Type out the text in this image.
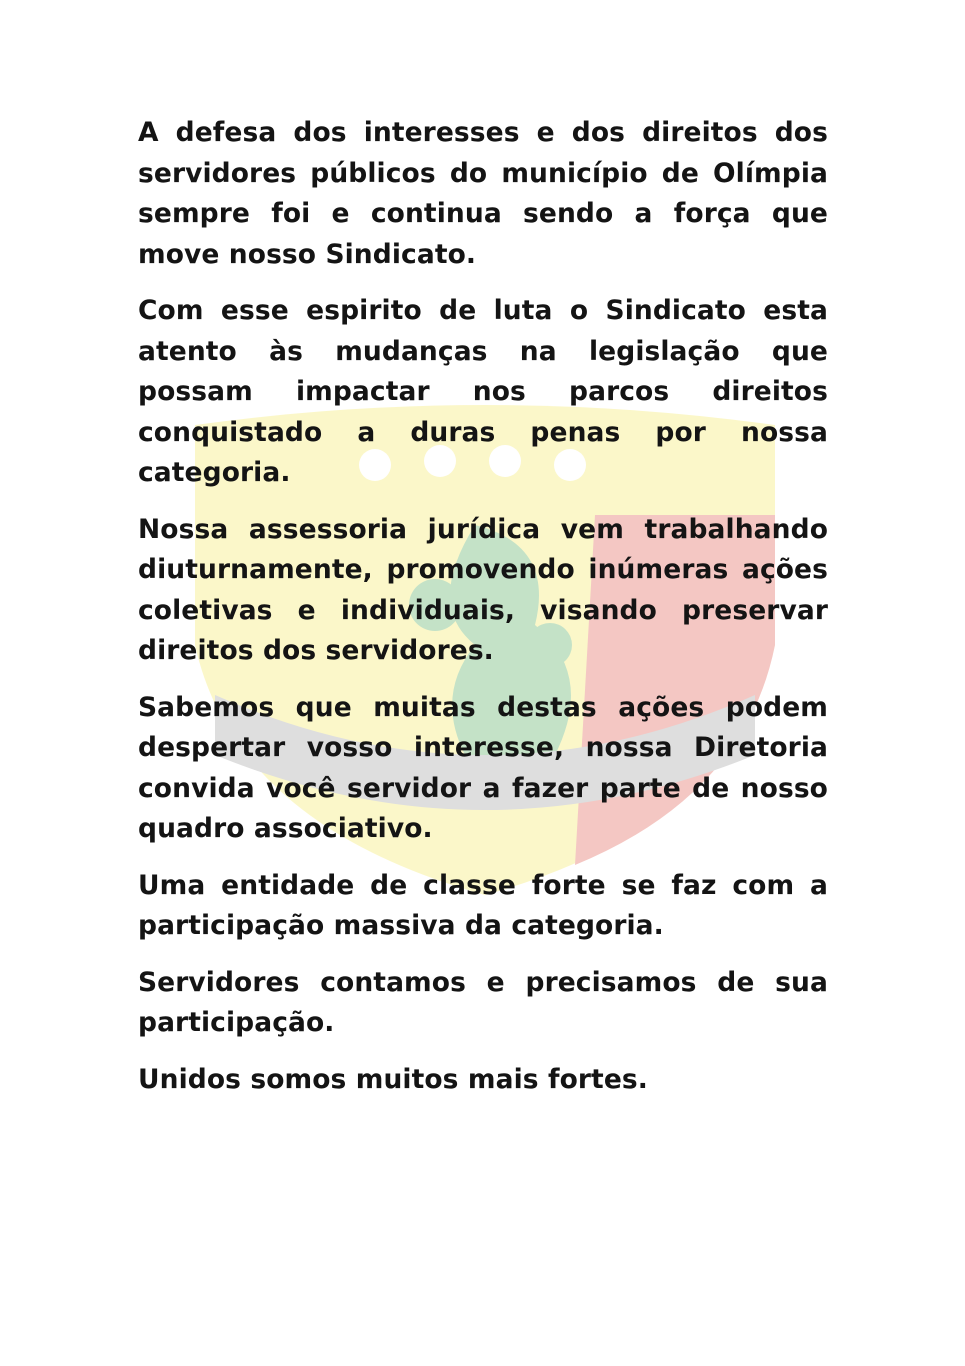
A defesa dos interesses e dos direitos dos servidores públicos do município de Olímpia sempre foi e continua sendo a força que move nosso Sindicato.

Com esse espirito de luta o Sindicato esta atento às mudanças na legislação que possam impactar nos parcos direitos conquistado a duras penas por nossa categoria.

Nossa assessoria jurídica vem trabalhando diuturnamente, promovendo inúmeras ações coletivas e individuais, visando preservar direitos dos servidores.

Sabemos que muitas destas ações podem despertar vosso interesse, nossa Diretoria convida você servidor a fazer parte de nosso quadro associativo.

Uma entidade de classe forte se faz com a participação massiva da categoria.

Servidores contamos e precisamos de sua participação.

Unidos somos muitos mais fortes.
